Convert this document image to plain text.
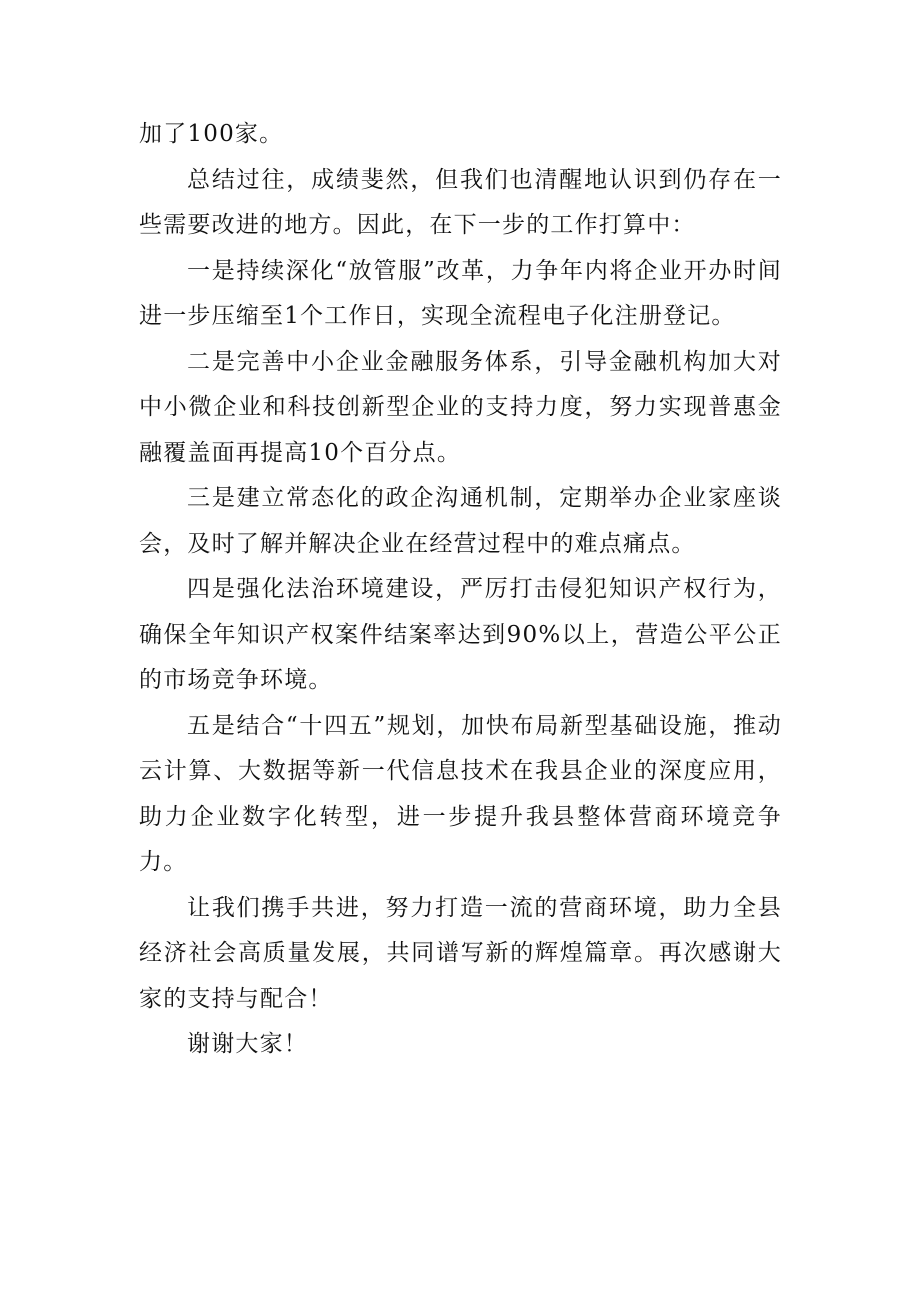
加了100家。

总结过往，成绩斐然，但我们也清醒地认识到仍存在一些需要改进的地方。因此，在下一步的工作打算中：

一是持续深化“放管服”改革，力争年内将企业开办时间进一步压缩至1个工作日，实现全流程电子化注册登记。

二是完善中小企业金融服务体系，引导金融机构加大对中小微企业和科技创新型企业的支持力度，努力实现普惠金融覆盖面再提高10个百分点。

三是建立常态化的政企沟通机制，定期举办企业家座谈会，及时了解并解决企业在经营过程中的难点痛点。

四是强化法治环境建设，严厉打击侵犯知识产权行为，确保全年知识产权案件结案率达到90%以上，营造公平公正的市场竞争环境。

五是结合“十四五”规划，加快布局新型基础设施，推动云计算、大数据等新一代信息技术在我县企业的深度应用，助力企业数字化转型，进一步提升我县整体营商环境竞争力。

让我们携手共进，努力打造一流的营商环境，助力全县经济社会高质量发展，共同谱写新的辉煌篇章。再次感谢大家的支持与配合！

谢谢大家！
